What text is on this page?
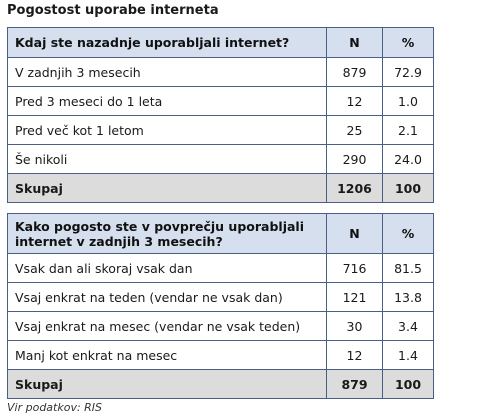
Pogostost uporabe interneta
Kdaj ste nazadnje uporabljali internet?	N	%
V zadnjih 3 mesecih	879	72.9
Pred 3 meseci do 1 leta	12	1.0
Pred več kot 1 letom	25	2.1
Še nikoli	290	24.0
Skupaj	1206	100
Kako pogosto ste v povprečju uporabljali internet v zadnjih 3 mesecih?	N	%
Vsak dan ali skoraj vsak dan	716	81.5
Vsaj enkrat na teden (vendar ne vsak dan)	121	13.8
Vsaj enkrat na mesec (vendar ne vsak teden)	30	3.4
Manj kot enkrat na mesec	12	1.4
Skupaj	879	100
Vir podatkov: RIS
